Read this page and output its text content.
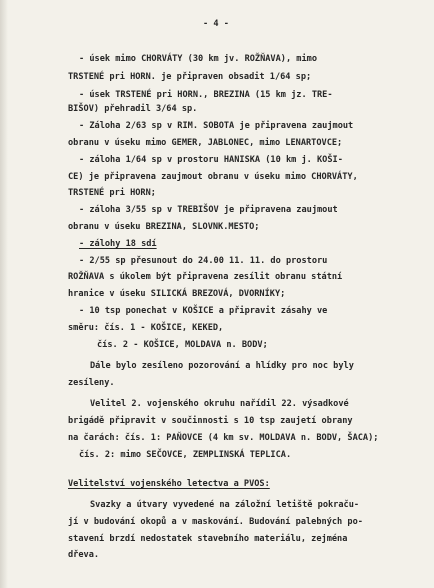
- 4 -
- úsek mimo CHORVÁTY (30 km jv. ROŽŇAVA), mimo
TRSTENÉ pri HORN. je připraven obsadit 1/64 sp;
- úsek TRSTENÉ pri HORN., BREZINA (15 km jz. TRE-
BIŠOV) přehradil 3/64 sp.
- Záloha 2/63 sp v RIM. SOBOTA je připravena zaujmout
obranu v úseku mimo GEMER, JABLONEC, mimo LENARTOVCE;
- záloha 1/64 sp v prostoru HANISKA (10 km j. KOŠI-
CE) je připravena zaujmout obranu v úseku mimo CHORVÁTY,
TRSTENÉ pri HORN;
- záloha 3/55 sp v TREBIŠOV je připravena zaujmout
obranu v úseku BREZINA, SLOVNK.MESTO;
- zálohy 18 sdí
- 2/55 sp přesunout do 24.00 11. 11. do prostoru
ROŽŇAVA s úkolem být připravena zesílit obranu státní
hranice v úseku SILICKÁ BREZOVÁ, DVORNÍKY;
- 10 tsp ponechat v KOŠICE a připravit zásahy ve
směru: čís. 1 - KOŠICE, KEKED,
čís. 2 - KOŠICE, MOLDAVA n. BODV;
Dále bylo zesíleno pozorování a hlídky pro noc byly
zesíleny.
Velitel 2. vojenského okruhu nařídil 22. výsadkové
brigádě připravit v součinnosti s 10 tsp zaujetí obrany
na čarách: čís. 1: PAŇOVCE (4 km sv. MOLDAVA n. BODV, ŠACA);
čís. 2: mimo SEČOVCE, ZEMPLINSKÁ TEPLICA.
Velitelství vojenského letectva a PVOS:
Svazky a útvary vyvedené na záložní letiště pokraču-
jí v budování okopů a v maskování. Budování palebných po-
stavení brzdí nedostatek stavebního materiálu, zejména
dřeva.
